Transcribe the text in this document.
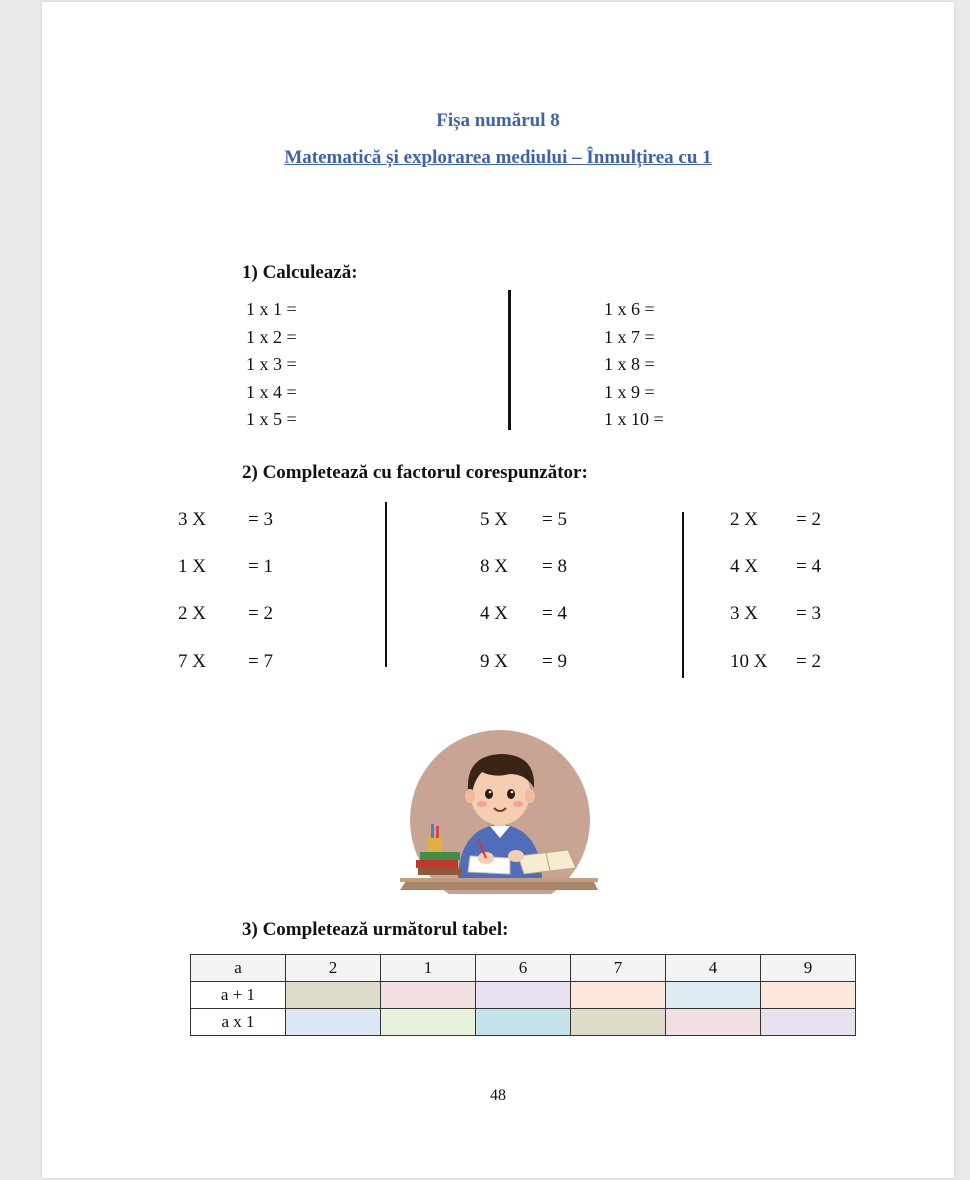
Fișa numărul 8
Matematică și explorarea mediului – Înmulțirea cu 1
1) Calculează:
1 x 1 =
1 x 2 =
1 x 3 =
1 x 4 =
1 x 5 =
1 x 6 =
1 x 7 =
1 x 8 =
1 x 9 =
1 x 10 =
2) Completează cu factorul corespunzător:
3 X = 3
1 X = 1
2 X = 2
7 X = 7
5 X = 5
8 X = 8
4 X = 4
9 X = 9
2 X = 2
4 X = 4
3 X = 3
10 X = 2
3) Completează următorul tabel:
a	2	1	6	7	4	9
a + 1						
a x 1						
48
